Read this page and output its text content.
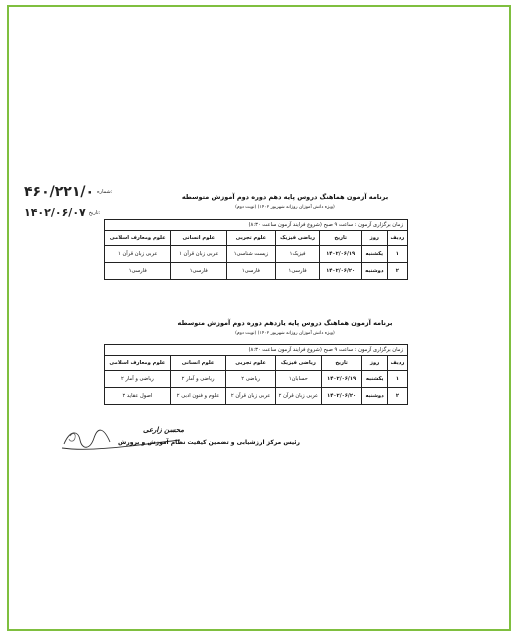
۴۶۰/۲۲۱/۰ شماره:
۱۴۰۲/۰۶/۰۷ تاریخ:
برنامه آزمون هماهنگ دروس پایه دهم دوره دوم آموزش متوسطه
(ویژه دانش آموزان روزانه شهریور ۱۴۰۲) (نوبت دوم)
زمان برگزاری آزمون : ساعت ۹ صبح (شروع فرایند آزمون ساعت ۸:۳۰)						
ردیف	روز	تاریخ	ریاضی فیزیک	علوم تجربی	علوم انسانی	علوم ومعارف اسلامی
۱	یکشنبه	۱۴۰۲/۰۶/۱۹	فیزیک۱	زیست شناسی۱	عربی زبان قرآن ۱	عربی زبان قرآن ۱
۲	دوشنبه	۱۴۰۲/۰۶/۲۰	فارسی۱	فارسی۱	فارسی۱	فارسی۱
برنامه آزمون هماهنگ دروس پایه یازدهم دوره دوم آموزش متوسطه
(ویژه دانش آموزان روزانه شهریور ۱۴۰۲) (نوبت دوم)
زمان برگزاری آزمون : ساعت ۹ صبح (شروع فرایند آزمون ساعت ۸:۳۰)						
ردیف	روز	تاریخ	ریاضی فیزیک	علوم تجربی	علوم انسانی	علوم ومعارف اسلامی
۱	یکشنبه	۱۴۰۲/۰۶/۱۹	حسابان۱	ریاضی ۲	ریاضی و آمار ۲	ریاضی و آمار ۲
۲	دوشنبه	۱۴۰۲/۰۶/۲۰	عربی زبان قرآن ۲	عربی زبان قرآن ۲	علوم و فنون ادبی ۲	اصول عقاید ۲
محسن زارعی
رئیس مرکز ارزشیابی و تضمین کیفیت نظام آموزش و پرورش
